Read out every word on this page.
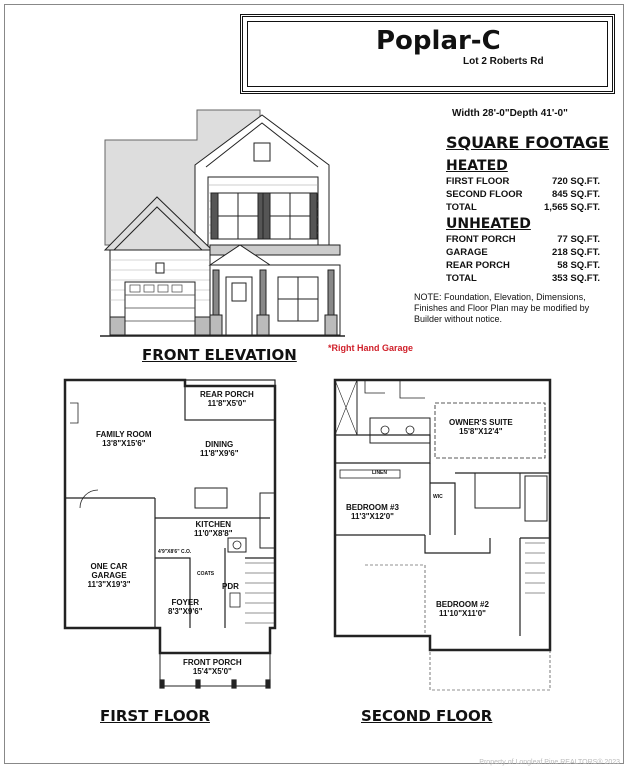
Poplar-C
Lot 2 Roberts Rd
Width 28'-0"Depth 41'-0"
SQUARE FOOTAGE
HEATED
FIRST FLOOR	720 SQ.FT.
SECOND FLOOR	845 SQ.FT.
TOTAL	1,565 SQ.FT.
UNHEATED
FRONT PORCH	77 SQ.FT.
GARAGE	218 SQ.FT.
REAR PORCH	58 SQ.FT.
TOTAL	353 SQ.FT.
NOTE: Foundation, Elevation, Dimensions, Finishes and Floor Plan may be modified by Builder without notice.
FRONT ELEVATION	*Right Hand Garage
FAMILY ROOM
13'8"X15'6"
REAR PORCH
11'8"X5'0"
DINING
11'8"X9'6"
KITCHEN
11'0"X8'8"
ONE CAR GARAGE
11'3"X19'3"
FOYER
8'3"X9'6"
PDR
COATS
4'9"X8'6" C.O.
FRONT PORCH
15'4"X5'0"
FIRST FLOOR
OWNER'S SUITE
15'8"X12'4"
BEDROOM #3
11'3"X12'0"
BEDROOM #2
11'10"X11'0"
LINEN
WIC
SECOND FLOOR
Property of Longleaf Pine REALTORS® 2023
